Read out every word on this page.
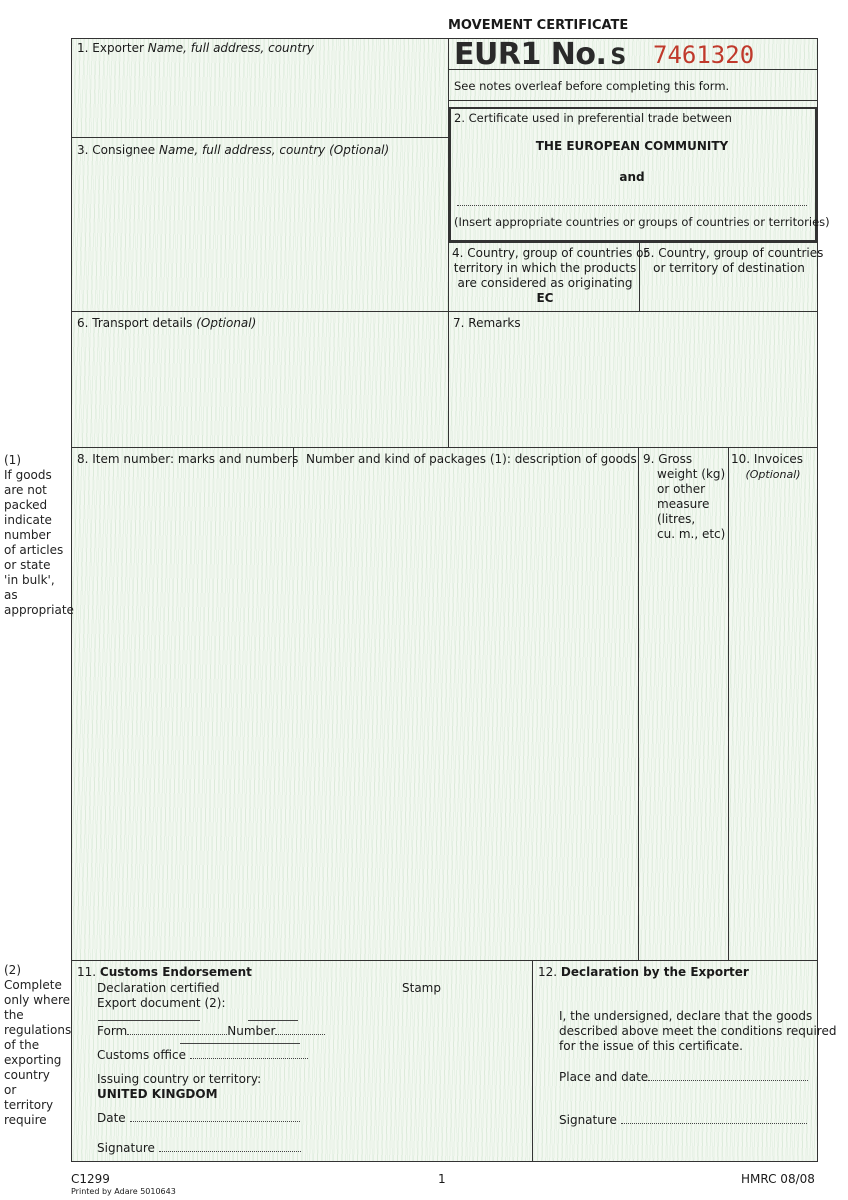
MOVEMENT CERTIFICATE
EUR1 No. S 7461320
See notes overleaf before completing this form.
1. Exporter Name, full address, country
2. Certificate used in preferential trade between
THE EUROPEAN COMMUNITY
and
(Insert appropriate countries or groups of countries or territories)
3. Consignee Name, full address, country (Optional)
4. Country, group of countries or
territory in which the products
are considered as originating
EC
5. Country, group of countries
or territory of destination
6. Transport details (Optional)	7. Remarks
8. Item number: marks and numbers Number and kind of packages (1): description of goods 9. Gross
weight (kg)
or other
measure
(litres,
cu. m., etc)
10. Invoices
(Optional)
11. Customs Endorsement
Declaration certified	Stamp
Export document (2):
Form	Number
Customs office
Issuing country or territory:
UNITED KINGDOM
Date
Signature
12. Declaration by the Exporter
I, the undersigned, declare that the goods
described above meet the conditions required
for the issue of this certificate.
Place and date
Signature
(1)
If goods
are not
packed
indicate
number
of articles
or state
'in bulk',
as
appropriate
(2)
Complete
only where
the
regulations
of the
exporting
country
or
territory
require
C1299
Printed by Adare 5010643
1	HMRC 08/08
